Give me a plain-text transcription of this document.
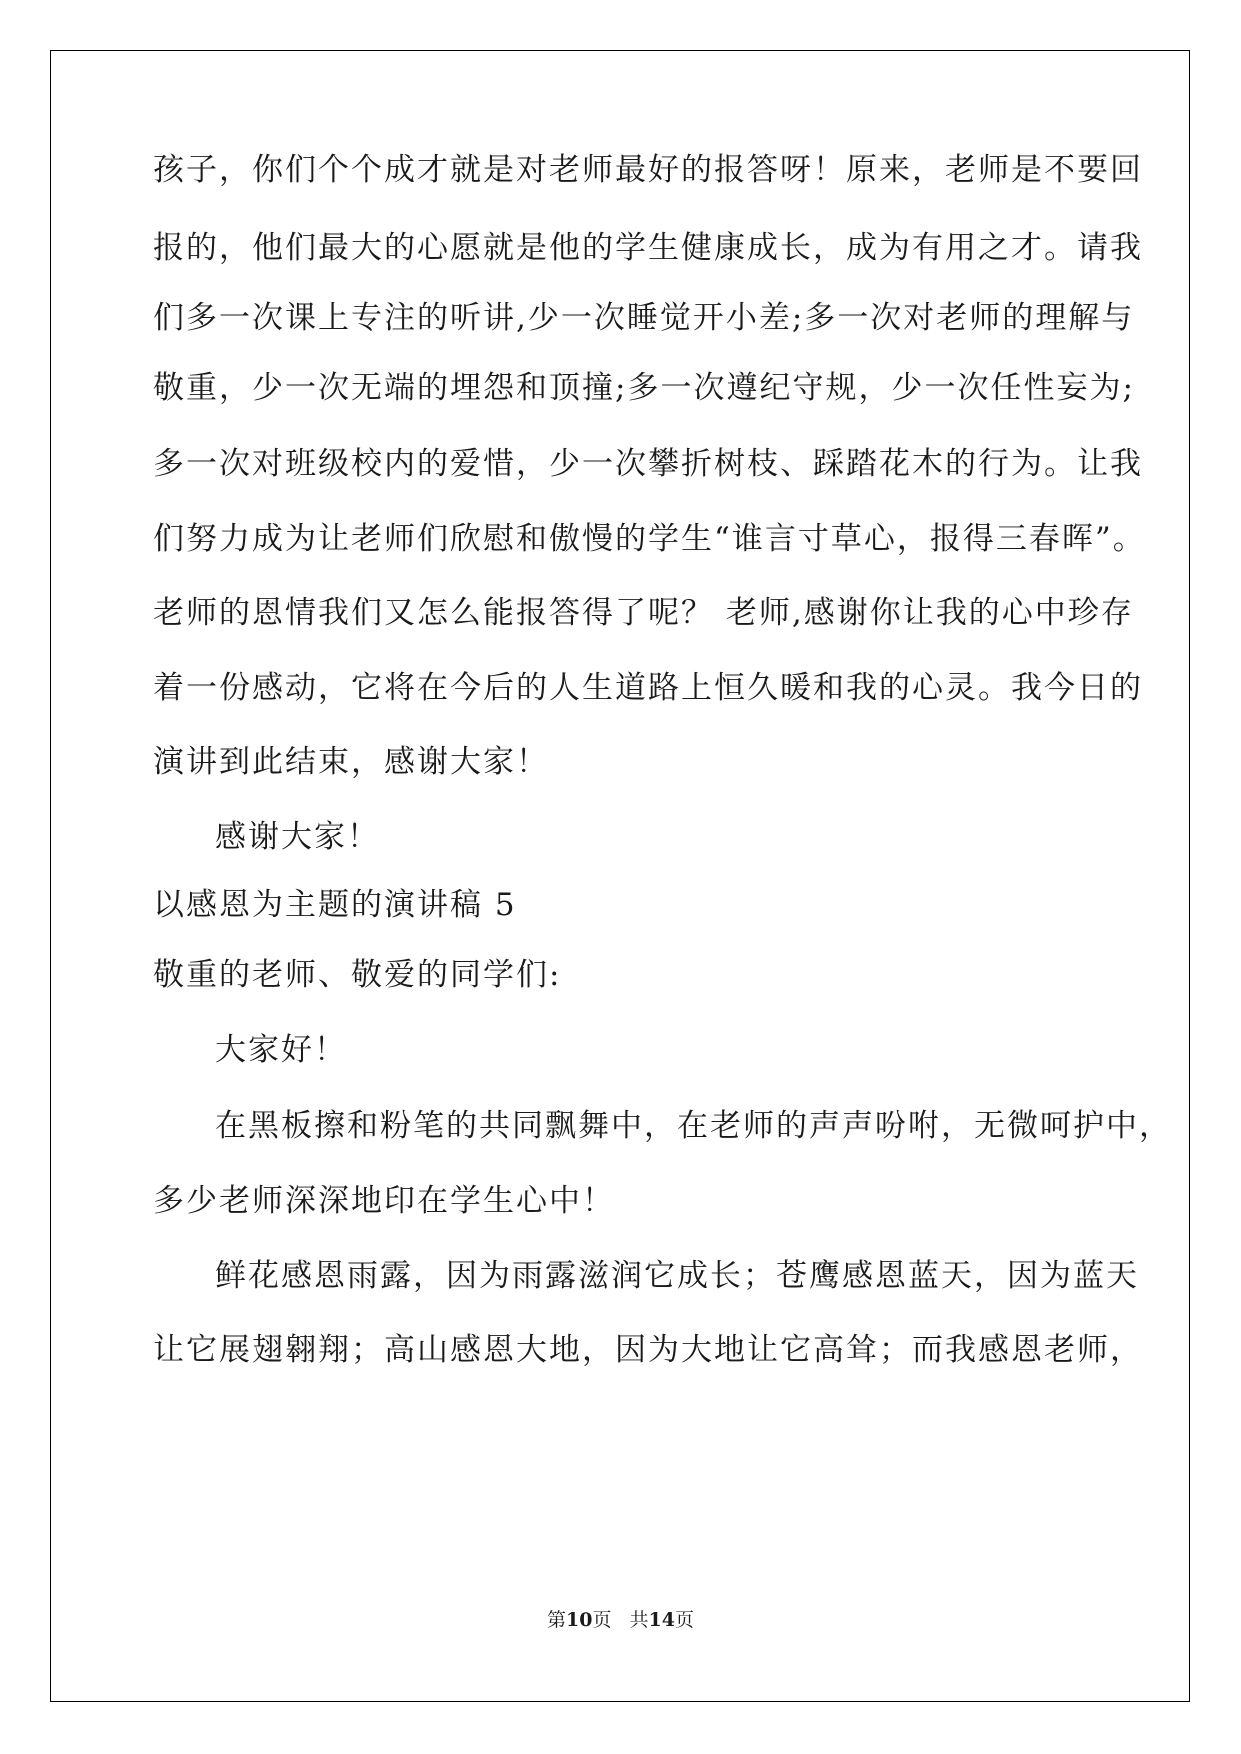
孩子，你们个个成才就是对老师最好的报答呀！原来，老师是不要回
报的，他们最大的心愿就是他的学生健康成长，成为有用之才。请我
们多一次课上专注的听讲,少一次睡觉开小差;多一次对老师的理解与
敬重，少一次无端的埋怨和顶撞;多一次遵纪守规，少一次任性妄为;
多一次对班级校内的爱惜，少一次攀折树枝、踩踏花木的行为。让我
们努力成为让老师们欣慰和傲慢的学生“谁言寸草心，报得三春晖”。
老师的恩情我们又怎么能报答得了呢？ 老师,感谢你让我的心中珍存
着一份感动，它将在今后的人生道路上恒久暖和我的心灵。我今日的
演讲到此结束，感谢大家！
感谢大家！
以感恩为主题的演讲稿 5
敬重的老师、敬爱的同学们:
大家好！
在黑板擦和粉笔的共同飘舞中，在老师的声声吩咐，无微呵护中，
多少老师深深地印在学生心中！
鲜花感恩雨露，因为雨露滋润它成长；苍鹰感恩蓝天，因为蓝天
让它展翅翱翔；高山感恩大地，因为大地让它高耸；而我感恩老师，
第10页 共14页
